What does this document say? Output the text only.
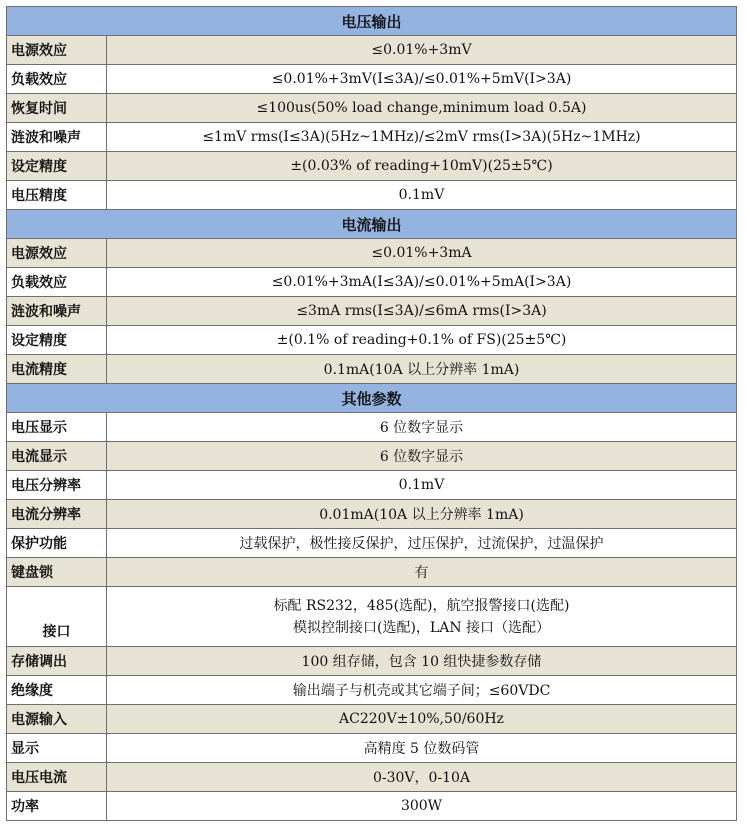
电压输出	
电源效应	≤0.01%+3mV
负载效应	≤0.01%+3mV(I≤3A)/≤0.01%+5mV(I>3A)
恢复时间	≤100us(50% load change,minimum load 0.5A)
涟波和噪声	≤1mV rms(I≤3A)(5Hz~1MHz)/≤2mV rms(I>3A)(5Hz~1MHz)
设定精度	±(0.03% of reading+10mV)(25±5℃)
电压精度	0.1mV
电流输出	
电源效应	≤0.01%+3mA
负载效应	≤0.01%+3mA(I≤3A)/≤0.01%+5mA(I>3A)
涟波和噪声	≤3mA rms(I≤3A)/≤6mA rms(I>3A)
设定精度	±(0.1% of reading+0.1% of FS)(25±5℃)
电流精度	0.1mA(10A 以上分辨率 1mA)
其他参数	
电压显示	6 位数字显示
电流显示	6 位数字显示
电压分辨率	0.1mV
电流分辨率	0.01mA(10A 以上分辨率 1mA)
保护功能	过载保护，极性接反保护，过压保护，过流保护，过温保护
键盘锁	有
接口	标配 RS232，485(选配)，航空报警接口(选配)
模拟控制接口(选配)，LAN 接口（选配）

存储调出	100 组存储，包含 10 组快捷参数存储
绝缘度	输出端子与机壳或其它端子间；≤60VDC
电源输入	AC220V±10%,50/60Hz
显示	高精度 5 位数码管
电压电流	0-30V，0-10A
功率	300W
